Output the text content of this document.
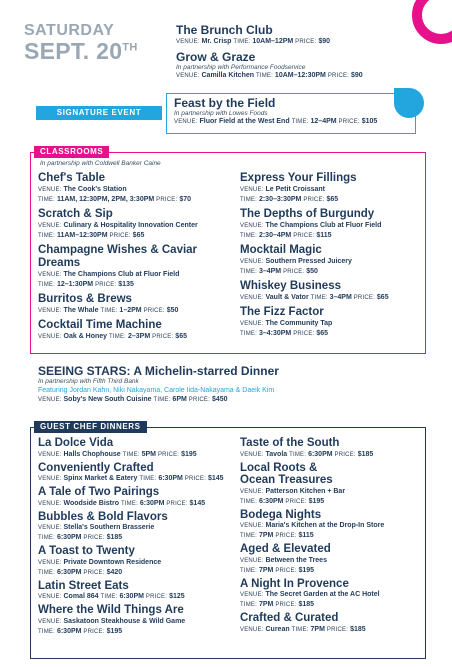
SATURDAY
SEPT. 20TH
The Brunch Club
VENUE: Mr. Crisp TIME: 10AM–12PM PRICE: $90
Grow & Graze
In partnership with Performance Foodservice
VENUE: Camilla Kitchen TIME: 10AM–12:30PM PRICE: $90
SIGNATURE EVENT
Feast by the Field
In partnership with Lowes Foods
VENUE: Fluor Field at the West End TIME: 12–4PM PRICE: $105
CLASSROOMS
In partnership with Coldwell Banker Caine
Chef's Table
VENUE: The Cook's Station
TIME: 11AM, 12:30PM, 2PM, 3:30PM PRICE: $70
Scratch & Sip
VENUE: Culinary & Hospitality Innovation Center
TIME: 11AM–12:30PM PRICE: $65
Champagne Wishes & Caviar Dreams
VENUE: The Champions Club at Fluor Field
TIME: 12–1:30PM PRICE: $135
Burritos & Brews
VENUE: The Whale TIME: 1–2PM PRICE: $50
Cocktail Time Machine
VENUE: Oak & Honey TIME: 2–3PM PRICE: $65
Express Your Fillings
VENUE: Le Petit Croissant
TIME: 2:30–3:30PM PRICE: $65
The Depths of Burgundy
VENUE: The Champions Club at Fluor Field
TIME: 2:30–4PM PRICE: $115
Mocktail Magic
VENUE: Southern Pressed Juicery
TIME: 3–4PM PRICE: $50
Whiskey Business
VENUE: Vault & Vator TIME: 3–4PM PRICE: $65
The Fizz Factor
VENUE: The Community Tap
TIME: 3–4:30PM PRICE: $65
SEEING STARS: A Michelin-starred Dinner
In partnership with Fifth Third Bank
Featuring Jordan Kahn, Niki Nakayama, Carole Iida-Nakayama & Daeik Kim
VENUE: Soby's New South Cuisine TIME: 6PM PRICE: $450
GUEST CHEF DINNERS
La Dolce Vida
VENUE: Halls Chophouse TIME: 5PM PRICE: $195
Conveniently Crafted
VENUE: Spinx Market & Eatery TIME: 6:30PM PRICE: $145
A Tale of Two Pairings
VENUE: Woodside Bistro TIME: 6:30PM PRICE: $145
Bubbles & Bold Flavors
VENUE: Stella's Southern Brasserie
TIME: 6:30PM PRICE: $185
A Toast to Twenty
VENUE: Private Downtown Residence
TIME: 6:30PM PRICE: $420
Latin Street Eats
VENUE: Comal 864 TIME: 6:30PM PRICE: $125
Where the Wild Things Are
VENUE: Saskatoon Steakhouse & Wild Game
TIME: 6:30PM PRICE: $195
Taste of the South
VENUE: Tavola TIME: 6:30PM PRICE: $185
Local Roots & Ocean Treasures
VENUE: Patterson Kitchen + Bar
TIME: 6:30PM PRICE: $195
Bodega Nights
VENUE: Maria's Kitchen at the Drop-In Store
TIME: 7PM PRICE: $115
Aged & Elevated
VENUE: Between the Trees
TIME: 7PM PRICE: $195
A Night In Provence
VENUE: The Secret Garden at the AC Hotel
TIME: 7PM PRICE: $185
Crafted & Curated
VENUE: Curean TIME: 7PM PRICE: $185
